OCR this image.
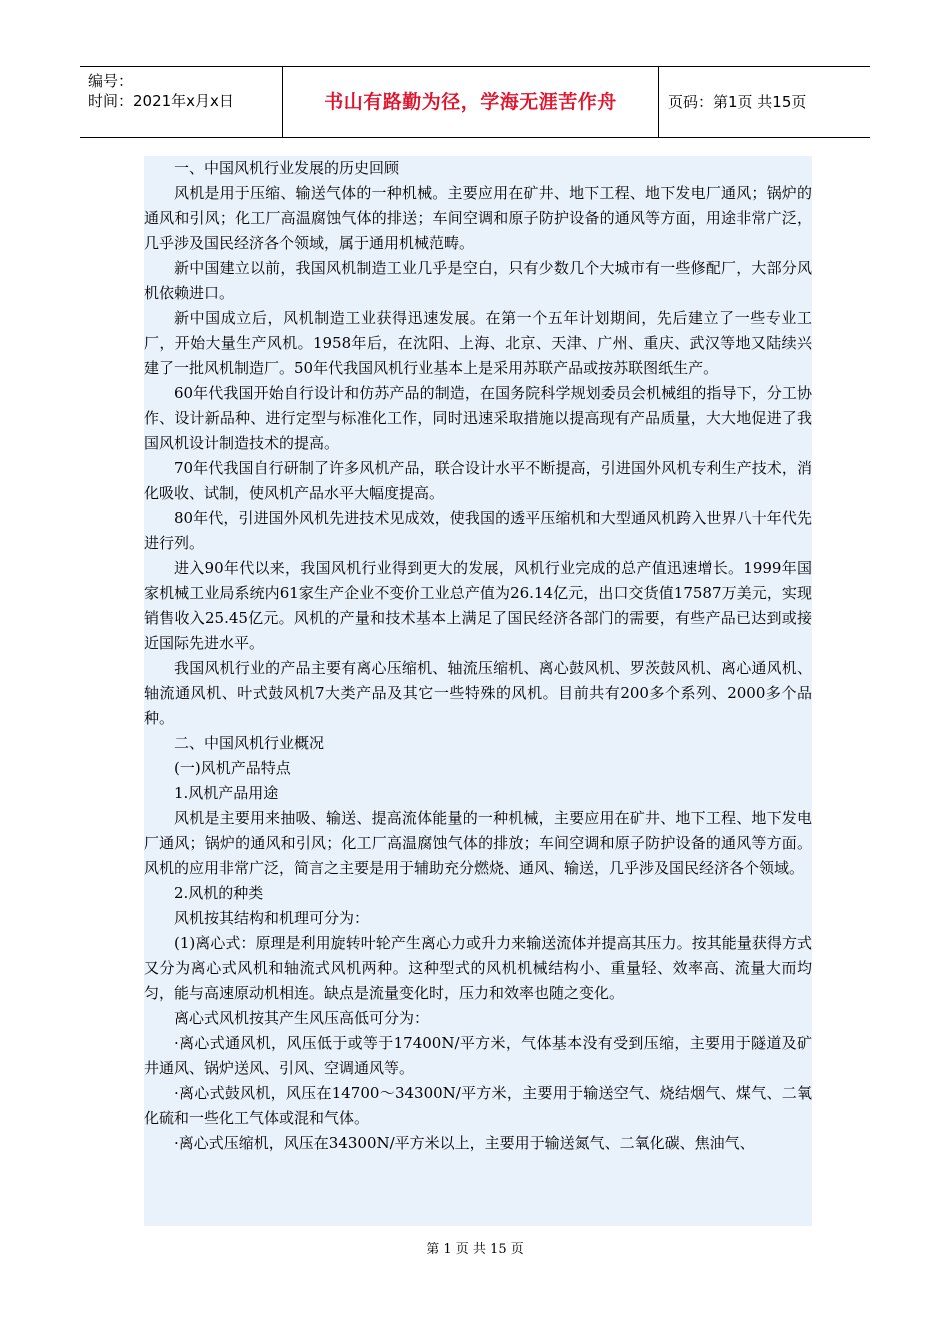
编号：
时间：2021年x月x日	书山有路勤为径，学海无涯苦作舟	页码：第1页 共15页

一、中国风机行业发展的历史回顾

风机是用于压缩、输送气体的一种机械。主要应用在矿井、地下工程、地下发电厂通风；锅炉的通风和引风；化工厂高温腐蚀气体的排送；车间空调和原子防护设备的通风等方面，用途非常广泛，几乎涉及国民经济各个领域，属于通用机械范畴。

新中国建立以前，我国风机制造工业几乎是空白，只有少数几个大城市有一些修配厂，大部分风机依赖进口。

新中国成立后，风机制造工业获得迅速发展。在第一个五年计划期间，先后建立了一些专业工厂，开始大量生产风机。1958年后，在沈阳、上海、北京、天津、广州、重庆、武汉等地又陆续兴建了一批风机制造厂。50年代我国风机行业基本上是采用苏联产品或按苏联图纸生产。

60年代我国开始自行设计和仿苏产品的制造，在国务院科学规划委员会机械组的指导下，分工协作、设计新品种、进行定型与标准化工作，同时迅速采取措施以提高现有产品质量，大大地促进了我国风机设计制造技术的提高。

70年代我国自行研制了许多风机产品，联合设计水平不断提高，引进国外风机专利生产技术，消化吸收、试制，使风机产品水平大幅度提高。

80年代，引进国外风机先进技术见成效，使我国的透平压缩机和大型通风机跨入世界八十年代先进行列。

进入90年代以来，我国风机行业得到更大的发展，风机行业完成的总产值迅速增长。1999年国家机械工业局系统内61家生产企业不变价工业总产值为26.14亿元，出口交货值17587万美元，实现销售收入25.45亿元。风机的产量和技术基本上满足了国民经济各部门的需要，有些产品已达到或接近国际先进水平。

我国风机行业的产品主要有离心压缩机、轴流压缩机、离心鼓风机、罗茨鼓风机、离心通风机、轴流通风机、叶式鼓风机7大类产品及其它一些特殊的风机。目前共有200多个系列、2000多个品种。

二、中国风机行业概况

(一)风机产品特点

1.风机产品用途

风机是主要用来抽吸、输送、提高流体能量的一种机械，主要应用在矿井、地下工程、地下发电厂通风；锅炉的通风和引风；化工厂高温腐蚀气体的排放；车间空调和原子防护设备的通风等方面。风机的应用非常广泛，简言之主要是用于辅助充分燃烧、通风、输送，几乎涉及国民经济各个领域。

2.风机的种类

风机按其结构和机理可分为：

(1)离心式：原理是利用旋转叶轮产生离心力或升力来输送流体并提高其压力。按其能量获得方式又分为离心式风机和轴流式风机两种。这种型式的风机机械结构小、重量轻、效率高、流量大而均匀，能与高速原动机相连。缺点是流量变化时，压力和效率也随之变化。

离心式风机按其产生风压高低可分为：

·离心式通风机，风压低于或等于17400N/平方米，气体基本没有受到压缩，主要用于隧道及矿井通风、锅炉送风、引风、空调通风等。

·离心式鼓风机，风压在14700～34300N/平方米，主要用于输送空气、烧结烟气、煤气、二氧化硫和一些化工气体或混和气体。

·离心式压缩机，风压在34300N/平方米以上，主要用于输送氮气、二氧化碳、焦油气、

第 1 页 共 15 页
